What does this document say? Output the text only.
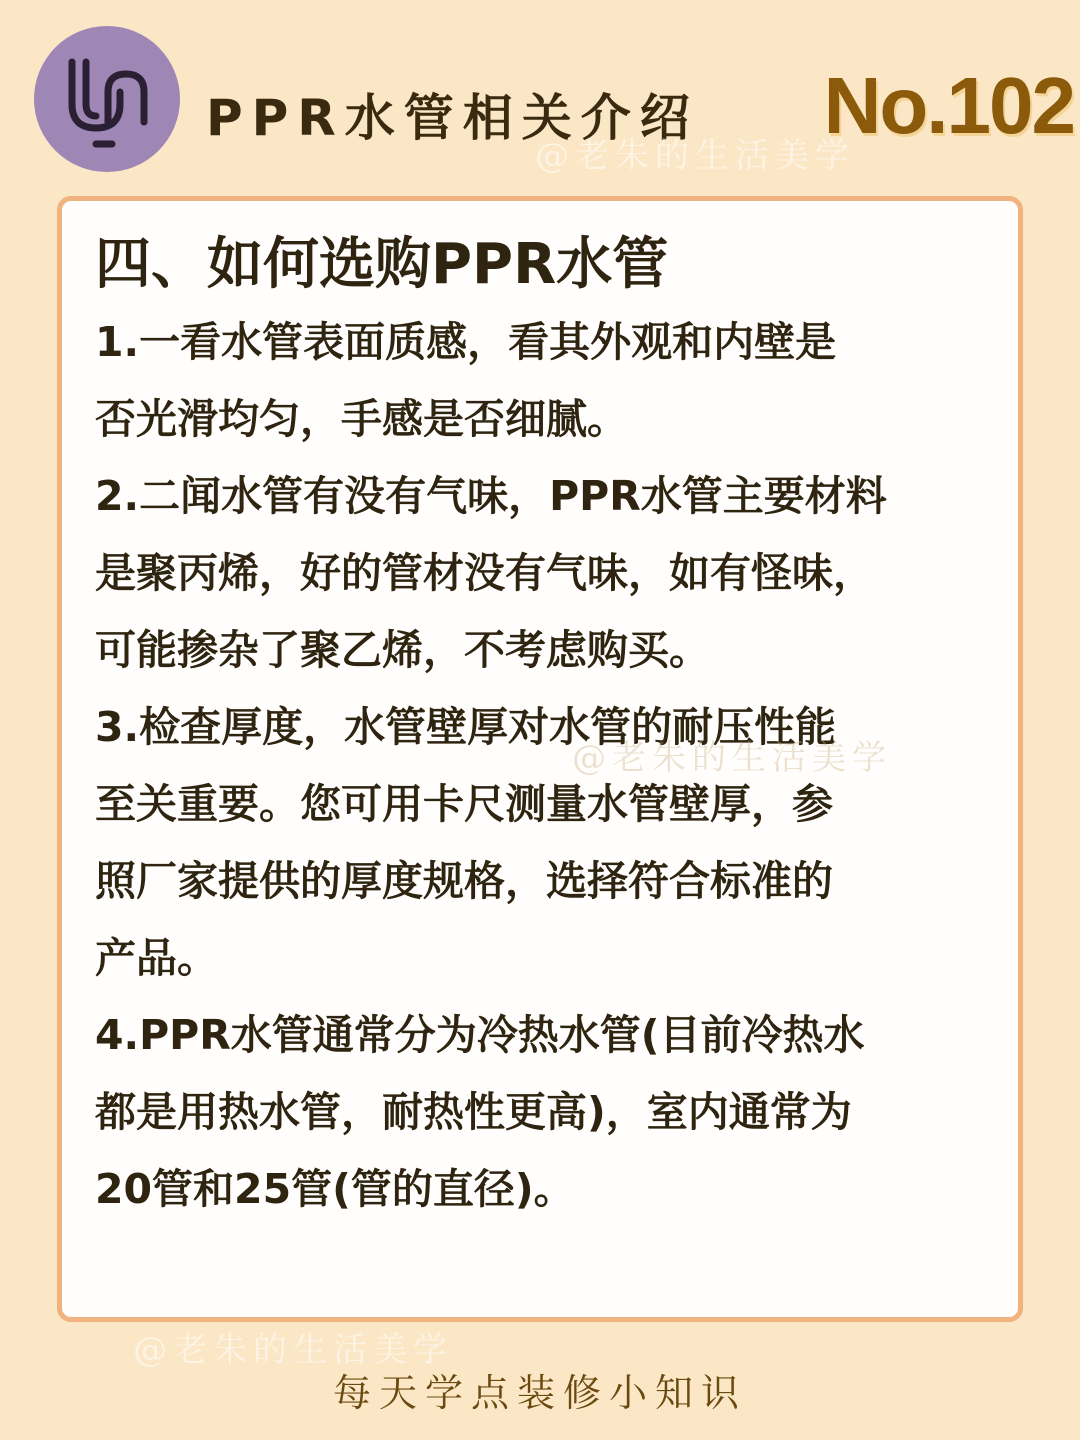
PPR水管相关介绍 No.102
@老朱的生活美学
四、如何选购PPR水管

1.一看水管表面质感，看其外观和内壁是
否光滑均匀，手感是否细腻。

2.二闻水管有没有气味，PPR水管主要材料
是聚丙烯，好的管材没有气味，如有怪味，
可能掺杂了聚乙烯，不考虑购买。

3.检查厚度，水管壁厚对水管的耐压性能
至关重要。您可用卡尺测量水管壁厚，参
照厂家提供的厚度规格，选择符合标准的
产品。

4.PPR水管通常分为冷热水管(目前冷热水
都是用热水管，耐热性更高)，室内通常为
20管和25管(管的直径)。

@老朱的生活美学
@老朱的生活美学
每天学点装修小知识
